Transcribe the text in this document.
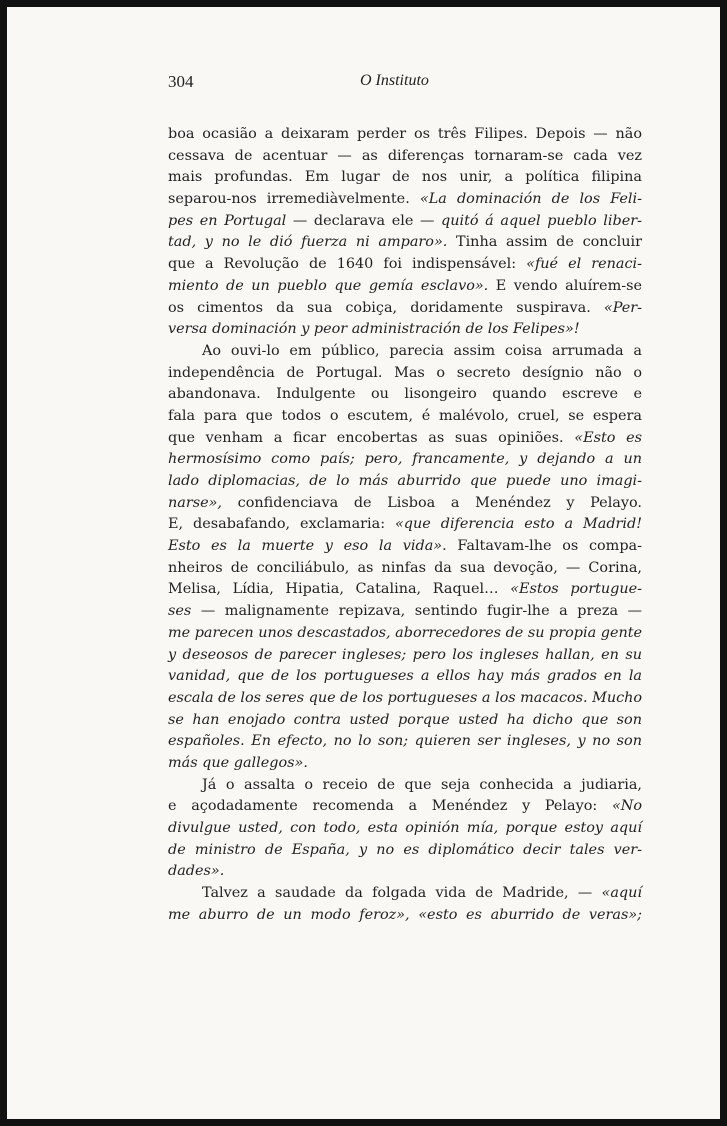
304	O Instituto
boa ocasião a deixaram perder os três Filipes. Depois — não
cessava de acentuar — as diferenças tornaram-se cada vez
mais profundas. Em lugar de nos unir, a política filipina
separou-nos irremediàvelmente. «La dominación de los Feli-
pes en Portugal — declarava ele — quitó á aquel pueblo liber-
tad, y no le dió fuerza ni amparo». Tinha assim de concluir
que a Revolução de 1640 foi indispensável: «fué el renaci-
miento de un pueblo que gemía esclavo». E vendo aluírem-se
os cimentos da sua cobiça, doridamente suspirava. «Per-
versa dominación y peor administración de los Felipes»!
Ao ouvi-lo em público, parecia assim coisa arrumada a
independência de Portugal. Mas o secreto desígnio não o
abandonava. Indulgente ou lisongeiro quando escreve e
fala para que todos o escutem, é malévolo, cruel, se espera
que venham a ficar encobertas as suas opiniões. «Esto es
hermosísimo como país; pero, francamente, y dejando a un
lado diplomacias, de lo más aburrido que puede uno imagi-
narse», confidenciava de Lisboa a Menéndez y Pelayo.
E, desabafando, exclamaria: «que diferencia esto a Madrid!
Esto es la muerte y eso la vida». Faltavam-lhe os compa-
nheiros de conciliábulo, as ninfas da sua devoção, — Corina,
Melisa, Lídia, Hipatia, Catalina, Raquel… «Estos portugue-
ses — malignamente repizava, sentindo fugir-lhe a preza —
me parecen unos descastados, aborrecedores de su propia gente
y deseosos de parecer ingleses; pero los ingleses hallan, en su
vanidad, que de los portugueses a ellos hay más grados en la
escala de los seres que de los portugueses a los macacos. Mucho
se han enojado contra usted porque usted ha dicho que son
españoles. En efecto, no lo son; quieren ser ingleses, y no son
más que gallegos».
Já o assalta o receio de que seja conhecida a judiaria,
e açodadamente recomenda a Menéndez y Pelayo: «No
divulgue usted, con todo, esta opinión mía, porque estoy aquí
de ministro de España, y no es diplomático decir tales ver-
dades».
Talvez a saudade da folgada vida de Madride, — «aquí
me aburro de un modo feroz», «esto es aburrido de veras»;
